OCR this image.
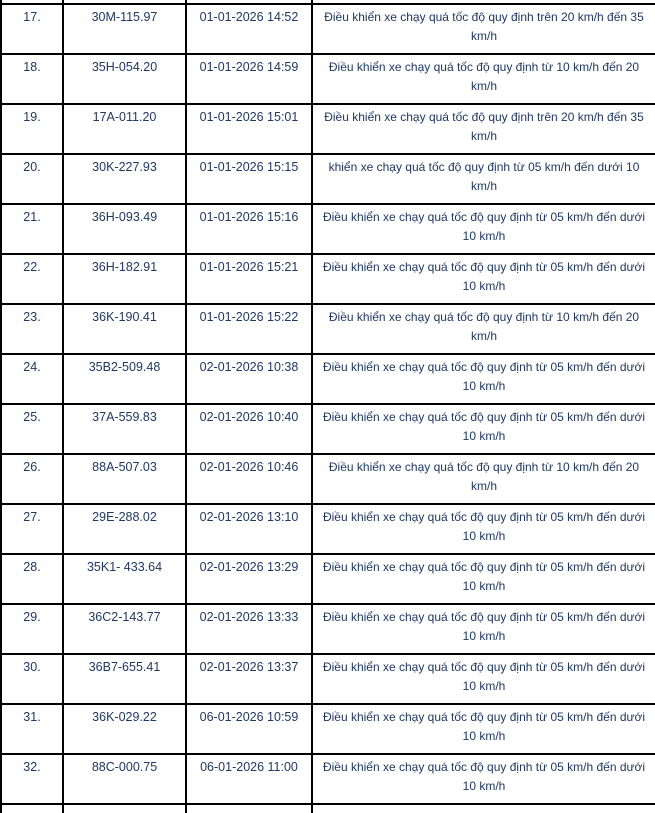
17.	30M-115.97	01-01-2026 14:52	Điều khiển xe chạy quá tốc độ quy định trên 20 km/h đến 35 km/h
18.	35H-054.20	01-01-2026 14:59	Điều khiển xe chạy quá tốc độ quy định từ 10 km/h đến 20 km/h
19.	17A-011.20	01-01-2026 15:01	Điều khiển xe chạy quá tốc độ quy định trên 20 km/h đến 35 km/h
20.	30K-227.93	01-01-2026 15:15	khiển xe chạy quá tốc độ quy định từ 05 km/h đến dưới 10 km/h
21.	36H-093.49	01-01-2026 15:16	Điều khiển xe chạy quá tốc độ quy định từ 05 km/h đến dưới 10 km/h
22.	36H-182.91	01-01-2026 15:21	Điều khiển xe chạy quá tốc độ quy định từ 05 km/h đến dưới 10 km/h
23.	36K-190.41	01-01-2026 15:22	Điều khiển xe chạy quá tốc độ quy định từ 10 km/h đến 20 km/h
24.	35B2-509.48	02-01-2026 10:38	Điều khiển xe chạy quá tốc độ quy định từ 05 km/h đến dưới 10 km/h
25.	37A-559.83	02-01-2026 10:40	Điều khiển xe chạy quá tốc độ quy định từ 05 km/h đến dưới 10 km/h
26.	88A-507.03	02-01-2026 10:46	Điều khiển xe chạy quá tốc độ quy định từ 10 km/h đến 20 km/h
27.	29E-288.02	02-01-2026 13:10	Điều khiển xe chạy quá tốc độ quy định từ 05 km/h đến dưới 10 km/h
28.	35K1- 433.64	02-01-2026 13:29	Điều khiển xe chạy quá tốc độ quy định từ 05 km/h đến dưới 10 km/h
29.	36C2-143.77	02-01-2026 13:33	Điều khiển xe chạy quá tốc độ quy định từ 05 km/h đến dưới 10 km/h
30.	36B7-655.41	02-01-2026 13:37	Điều khiển xe chạy quá tốc độ quy định từ 05 km/h đến dưới 10 km/h
31.	36K-029.22	06-01-2026 10:59	Điều khiển xe chạy quá tốc độ quy định từ 05 km/h đến dưới 10 km/h
32.	88C-000.75	06-01-2026 11:00	Điều khiển xe chạy quá tốc độ quy định từ 05 km/h đến dưới 10 km/h
